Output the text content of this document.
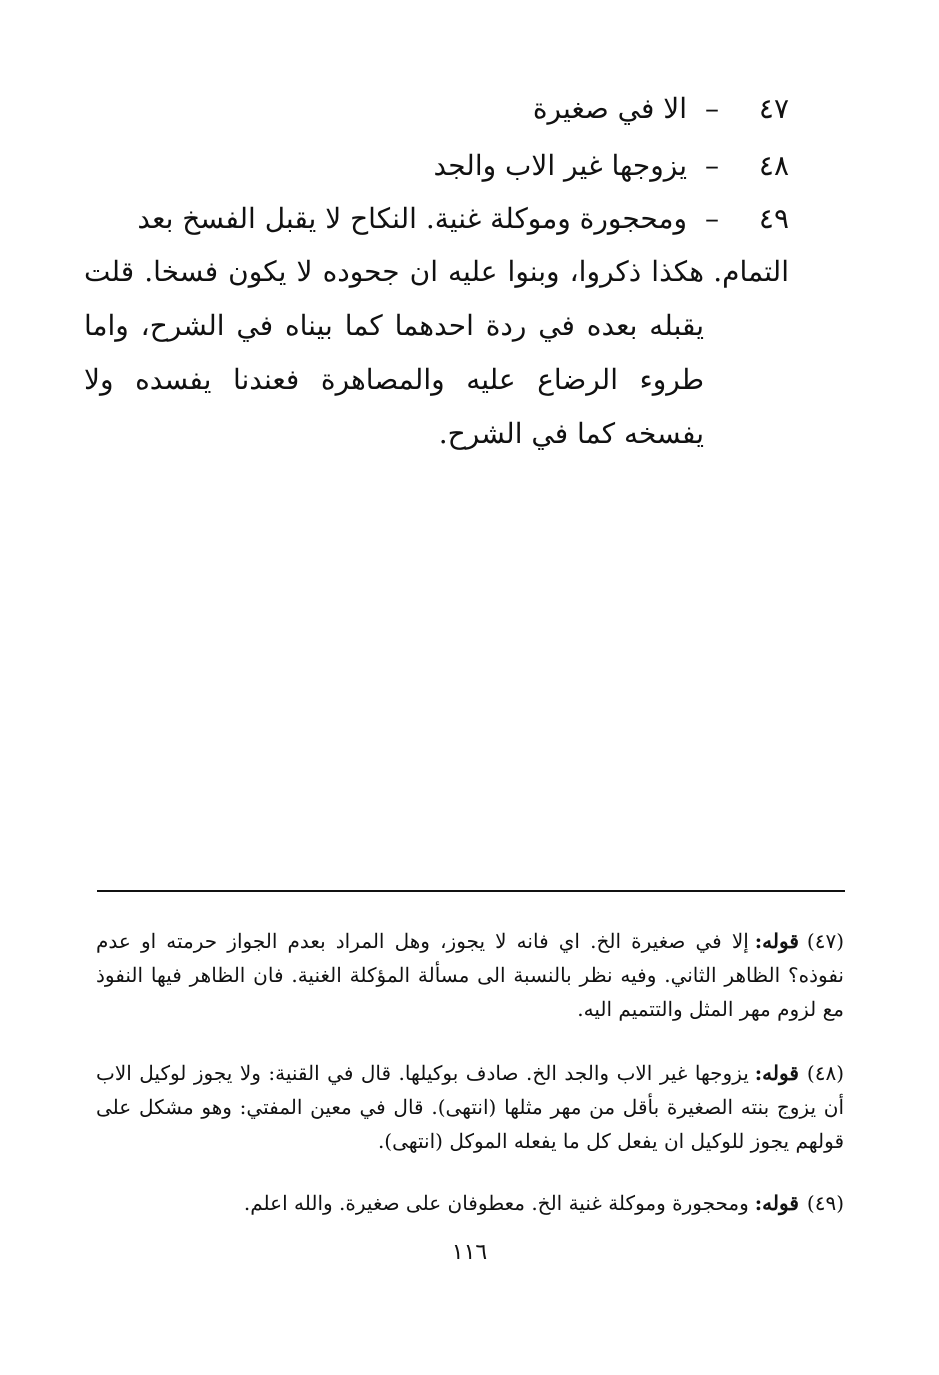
٤٧–الا في صغيرة
٤٨–يزوجها غير الاب والجد
٤٩–ومحجورة وموكلة غنية. النكاح لا يقبل الفسخ بعد التمام.
هكذا ذكروا، وبنوا عليه ان جحوده لا يكون فسخا. قلت يقبله بعده في ردة احدهما كما بيناه في الشرح، واما طروء الرضاع عليه والمصاهرة فعندنا يفسده ولا يفسخه كما في الشرح.
(٤٧)قوله:إلا في صغيرة الخ. اي فانه لا يجوز، وهل المراد بعدم الجواز حرمته او عدم نفوذه؟ الظاهر الثاني. وفيه نظر بالنسبة الى مسألة المؤكلة الغنية. فان الظاهر فيها النفوذ مع لزوم مهر المثل والتتميم اليه.
(٤٨)قوله:يزوجها غير الاب والجد الخ. صادف بوكيلها. قال في القنية: ولا يجوز لوكيل الاب أن يزوج بنته الصغيرة بأقل من مهر مثلها (انتهى). قال في معين المفتي: وهو مشكل على قولهم يجوز للوكيل ان يفعل كل ما يفعله الموكل (انتهى).
(٤٩)قوله:ومحجورة وموكلة غنية الخ. معطوفان على صغيرة. والله اعلم.
١١٦
